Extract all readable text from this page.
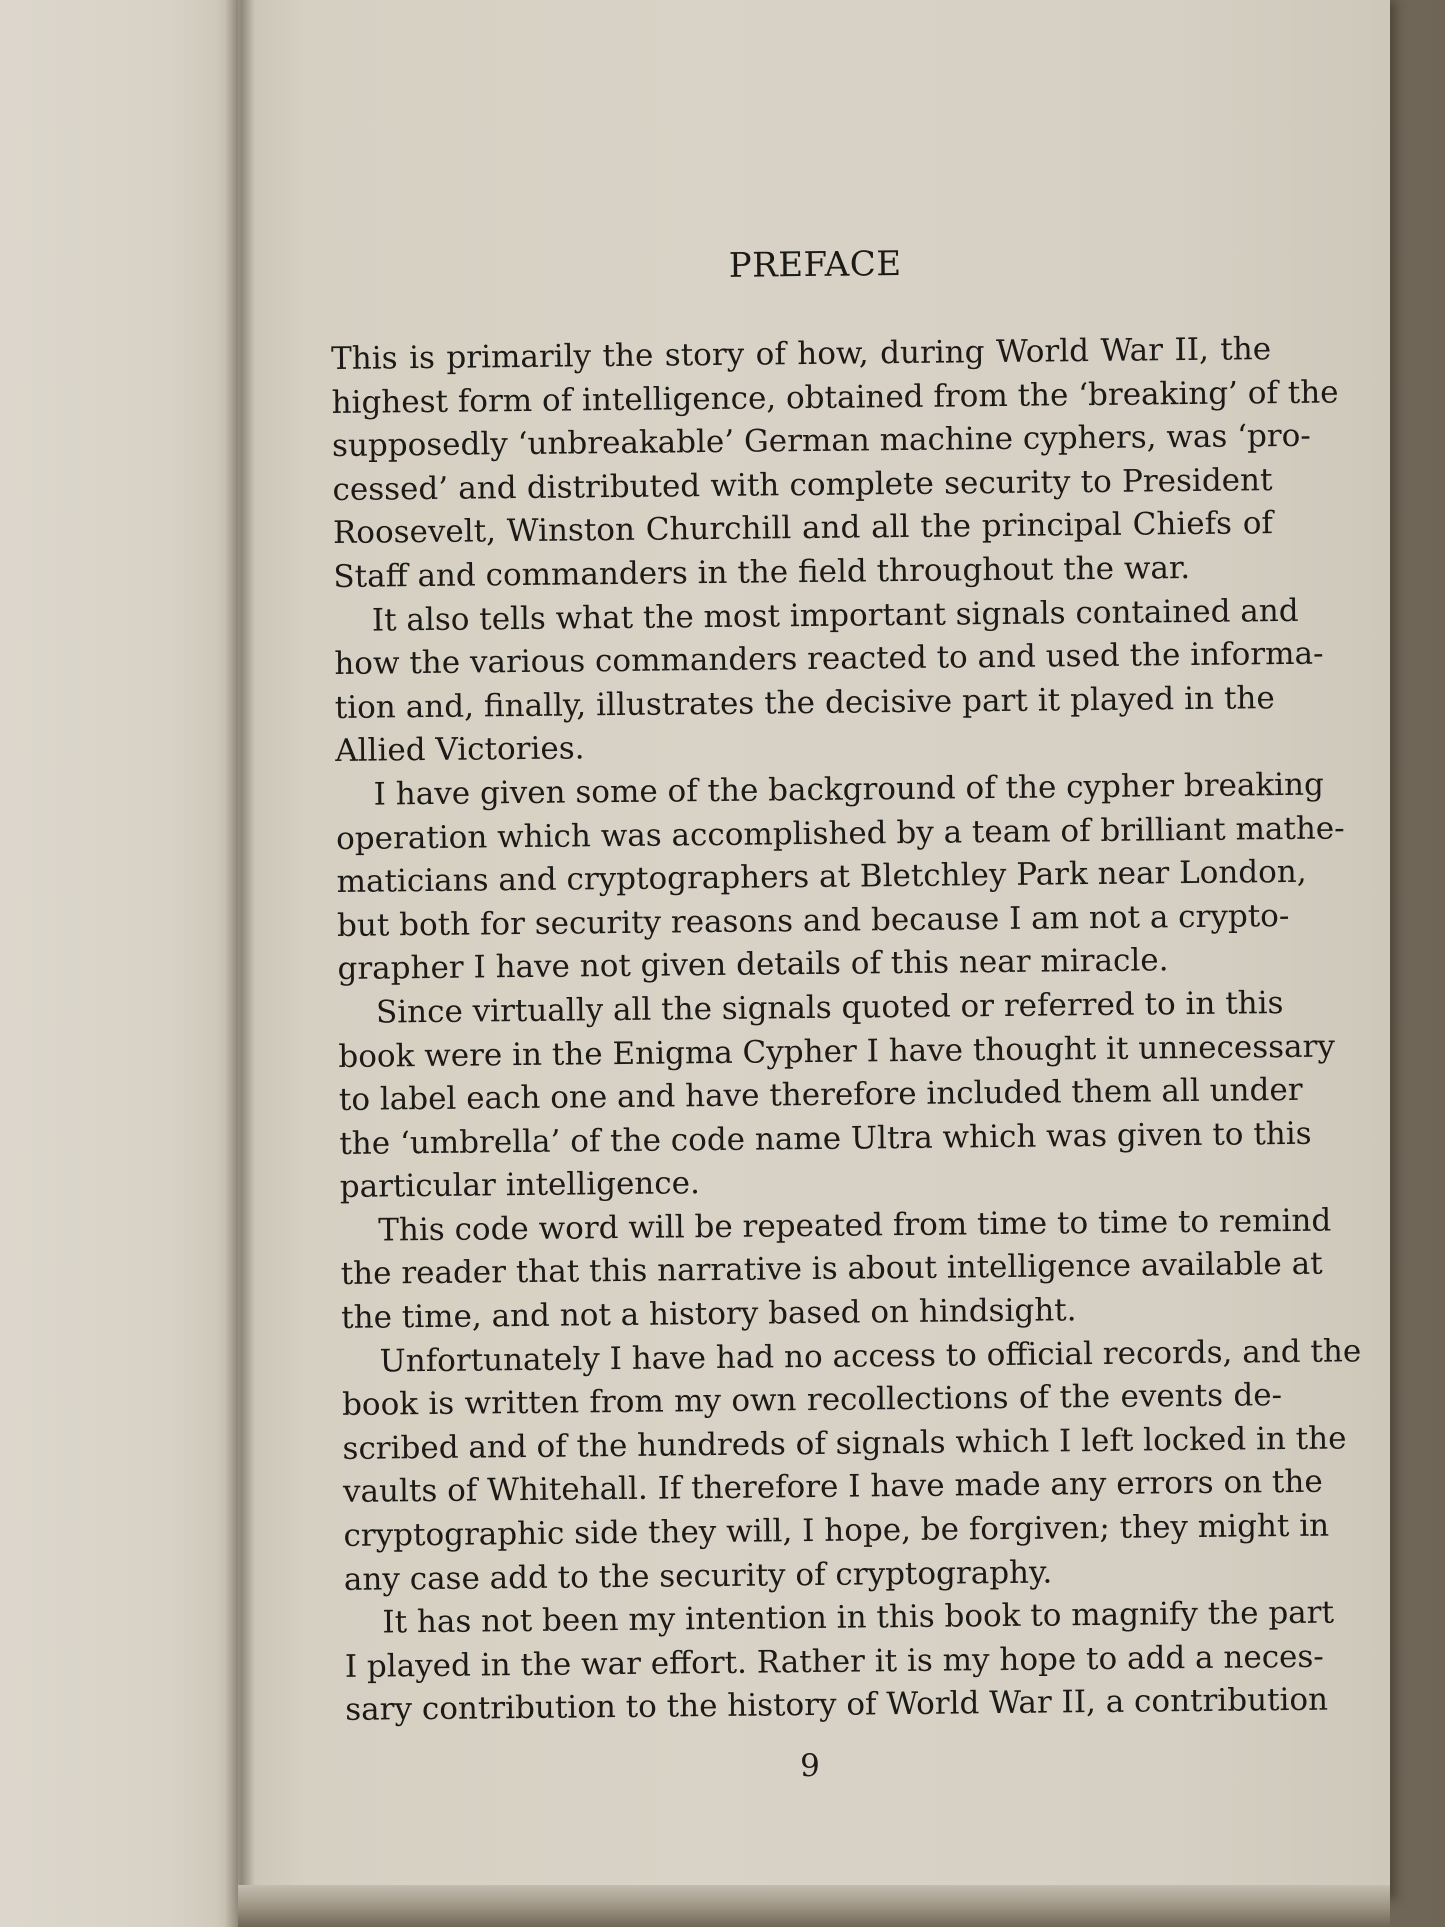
PREFACE
This is primarily the story of how, during World War II, the
highest form of intelligence, obtained from the ‘breaking’ of the
supposedly ‘unbreakable’ German machine cyphers, was ‘pro-
cessed’ and distributed with complete security to President
Roosevelt, Winston Churchill and all the principal Chiefs of
Staff and commanders in the field throughout the war.
It also tells what the most important signals contained and
how the various commanders reacted to and used the informa-
tion and, finally, illustrates the decisive part it played in the
Allied Victories.
I have given some of the background of the cypher breaking
operation which was accomplished by a team of brilliant mathe-
maticians and cryptographers at Bletchley Park near London,
but both for security reasons and because I am not a crypto-
grapher I have not given details of this near miracle.
Since virtually all the signals quoted or referred to in this
book were in the Enigma Cypher I have thought it unnecessary
to label each one and have therefore included them all under
the ‘umbrella’ of the code name Ultra which was given to this
particular intelligence.
This code word will be repeated from time to time to remind
the reader that this narrative is about intelligence available at
the time, and not a history based on hindsight.
Unfortunately I have had no access to official records, and the
book is written from my own recollections of the events de-
scribed and of the hundreds of signals which I left locked in the
vaults of Whitehall. If therefore I have made any errors on the
cryptographic side they will, I hope, be forgiven; they might in
any case add to the security of cryptography.
It has not been my intention in this book to magnify the part
I played in the war effort. Rather it is my hope to add a neces-
sary contribution to the history of World War II, a contribution
9
